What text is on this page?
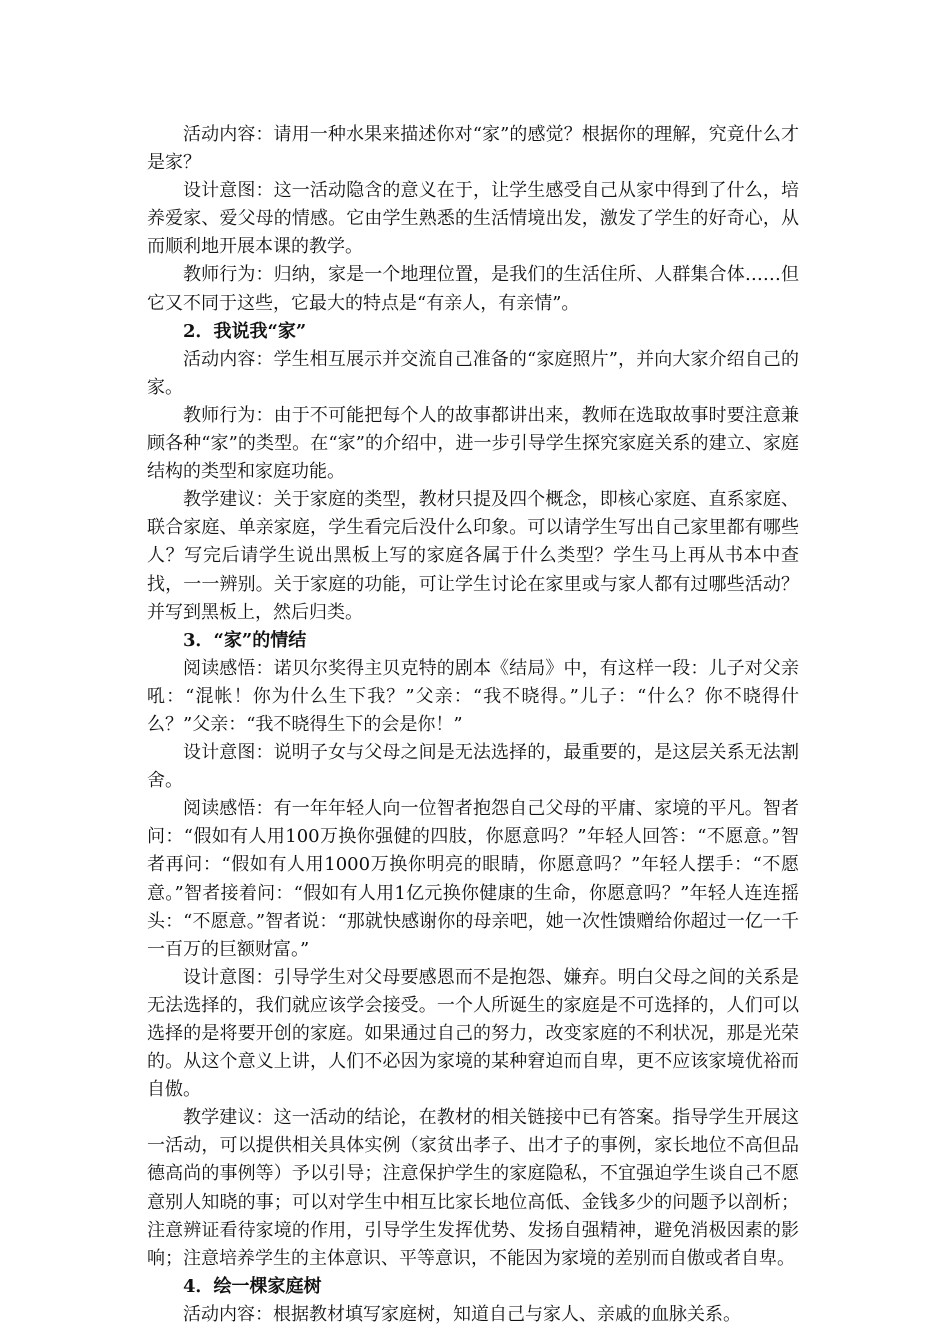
活动内容：请用一种水果来描述你对“家”的感觉？根据你的理解，究竟什么才是家？

设计意图：这一活动隐含的意义在于，让学生感受自己从家中得到了什么，培养爱家、爱父母的情感。它由学生熟悉的生活情境出发，激发了学生的好奇心，从而顺利地开展本课的教学。

教师行为：归纳，家是一个地理位置，是我们的生活住所、人群集合体……但它又不同于这些，它最大的特点是“有亲人，有亲情”。

2．我说我“家”

活动内容：学生相互展示并交流自己准备的“家庭照片”，并向大家介绍自己的家。

教师行为：由于不可能把每个人的故事都讲出来，教师在选取故事时要注意兼顾各种“家”的类型。在“家”的介绍中，进一步引导学生探究家庭关系的建立、家庭结构的类型和家庭功能。

教学建议：关于家庭的类型，教材只提及四个概念，即核心家庭、直系家庭、联合家庭、单亲家庭，学生看完后没什么印象。可以请学生写出自己家里都有哪些人？写完后请学生说出黑板上写的家庭各属于什么类型？学生马上再从书本中查找，一一辨别。关于家庭的功能，可让学生讨论在家里或与家人都有过哪些活动？并写到黑板上，然后归类。

3．“家”的情结

阅读感悟：诺贝尔奖得主贝克特的剧本《结局》中，有这样一段：儿子对父亲吼：“混帐！你为什么生下我？”父亲：“我不晓得。”儿子：“什么？你不晓得什么？”父亲：“我不晓得生下的会是你！”

设计意图：说明子女与父母之间是无法选择的，最重要的，是这层关系无法割舍。

阅读感悟：有一年年轻人向一位智者抱怨自己父母的平庸、家境的平凡。智者问：“假如有人用100万换你强健的四肢，你愿意吗？”年轻人回答：“不愿意。”智者再问：“假如有人用1000万换你明亮的眼睛，你愿意吗？”年轻人摆手：“不愿意。”智者接着问：“假如有人用1亿元换你健康的生命，你愿意吗？”年轻人连连摇头：“不愿意。”智者说：“那就快感谢你的母亲吧，她一次性馈赠给你超过一亿一千一百万的巨额财富。”

设计意图：引导学生对父母要感恩而不是抱怨、嫌弃。明白父母之间的关系是无法选择的，我们就应该学会接受。一个人所诞生的家庭是不可选择的，人们可以选择的是将要开创的家庭。如果通过自己的努力，改变家庭的不利状况，那是光荣的。从这个意义上讲，人们不必因为家境的某种窘迫而自卑，更不应该家境优裕而自傲。

教学建议：这一活动的结论，在教材的相关链接中已有答案。指导学生开展这一活动，可以提供相关具体实例（家贫出孝子、出才子的事例，家长地位不高但品德高尚的事例等）予以引导；注意保护学生的家庭隐私，不宜强迫学生谈自己不愿意别人知晓的事；可以对学生中相互比家长地位高低、金钱多少的问题予以剖析；注意辨证看待家境的作用，引导学生发挥优势、发扬自强精神，避免消极因素的影响；注意培养学生的主体意识、平等意识，不能因为家境的差别而自傲或者自卑。

4．绘一棵家庭树

活动内容：根据教材填写家庭树，知道自己与家人、亲戚的血脉关系。
